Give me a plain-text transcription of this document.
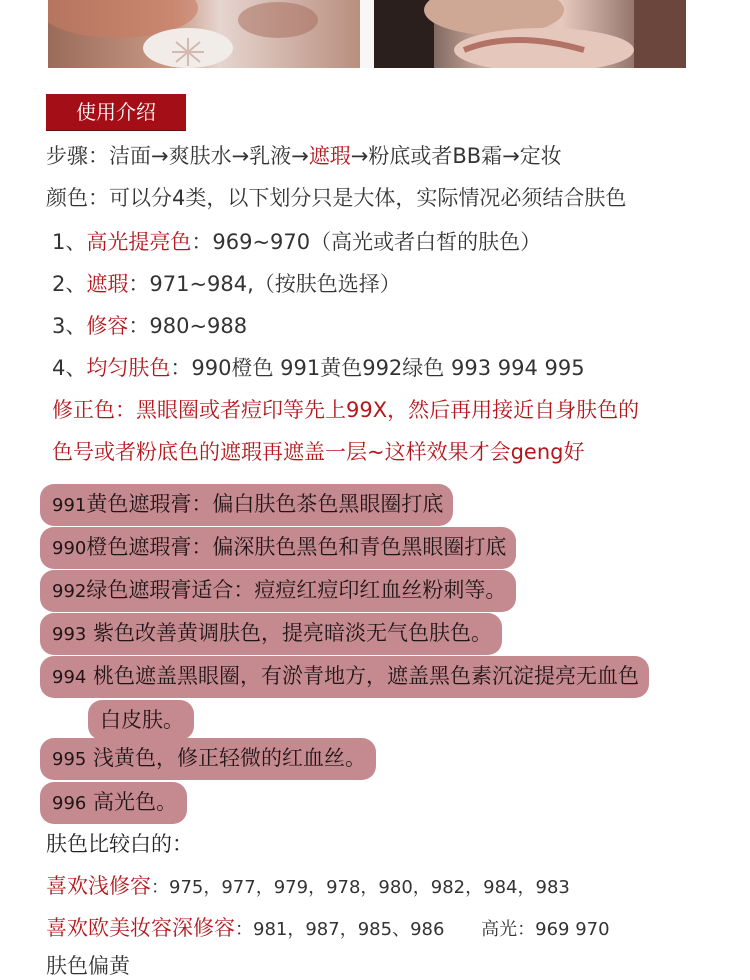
使用介绍
步骤：洁面→爽肤水→乳液→遮瑕→粉底或者BB霜→定妆
颜色：可以分4类，以下划分只是大体，实际情况必须结合肤色
1、高光提亮色：969~970（高光或者白皙的肤色）
2、遮瑕：971~984,（按肤色选择）
3、修容：980~988
4、均匀肤色：990橙色 991黄色992绿色 993 994 995
修正色：黑眼圈或者痘印等先上99X，然后再用接近自身肤色的
色号或者粉底色的遮瑕再遮盖一层~这样效果才会geng好
991黄色遮瑕膏：偏白肤色茶色黑眼圈打底
990橙色遮瑕膏：偏深肤色黑色和青色黑眼圈打底
992绿色遮瑕膏适合：痘痘红痘印红血丝粉刺等。
993 紫色改善黄调肤色，提亮暗淡无气色肤色。
994 桃色遮盖黑眼圈，有淤青地方，遮盖黑色素沉淀提亮无血色
白皮肤。
995 浅黄色，修正轻微的红血丝。
996 高光色。
肤色比较白的：
喜欢浅修容：975，977，979，978，980，982，984，983
喜欢欧美妆容深修容：981，987，985、986 高光：969 970
肤色偏黄
